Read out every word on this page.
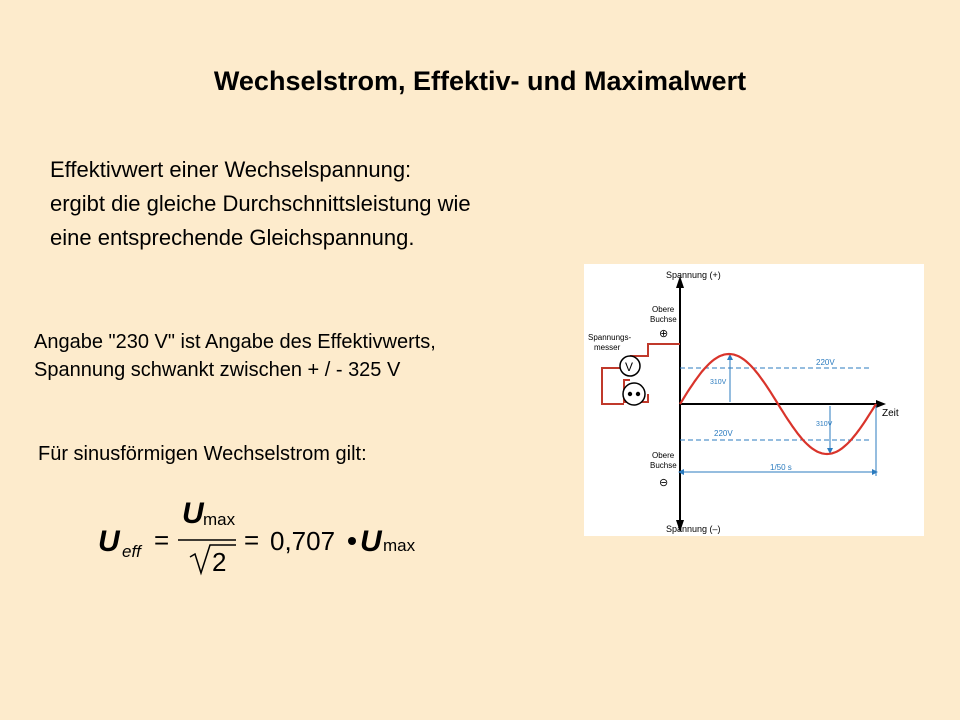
Wechselstrom, Effektiv- und Maximalwert
Effektivwert einer Wechselspannung:
ergibt die gleiche Durchschnittsleistung wie
eine entsprechende Gleichspannung.
Angabe "230 V" ist Angabe des Effektivwerts,
Spannung schwankt zwischen + / - 325 V
Für sinusförmigen Wechselstrom gilt:
U eff =
U max
2
= 0,707 U max
Spannung (+)
Spannung (–)
Zeit
Obere
Buchse
⊕
Obere
Buchse
⊖
Spannungs-
messer
V	220V
220V
310V
310V
1/50 s
